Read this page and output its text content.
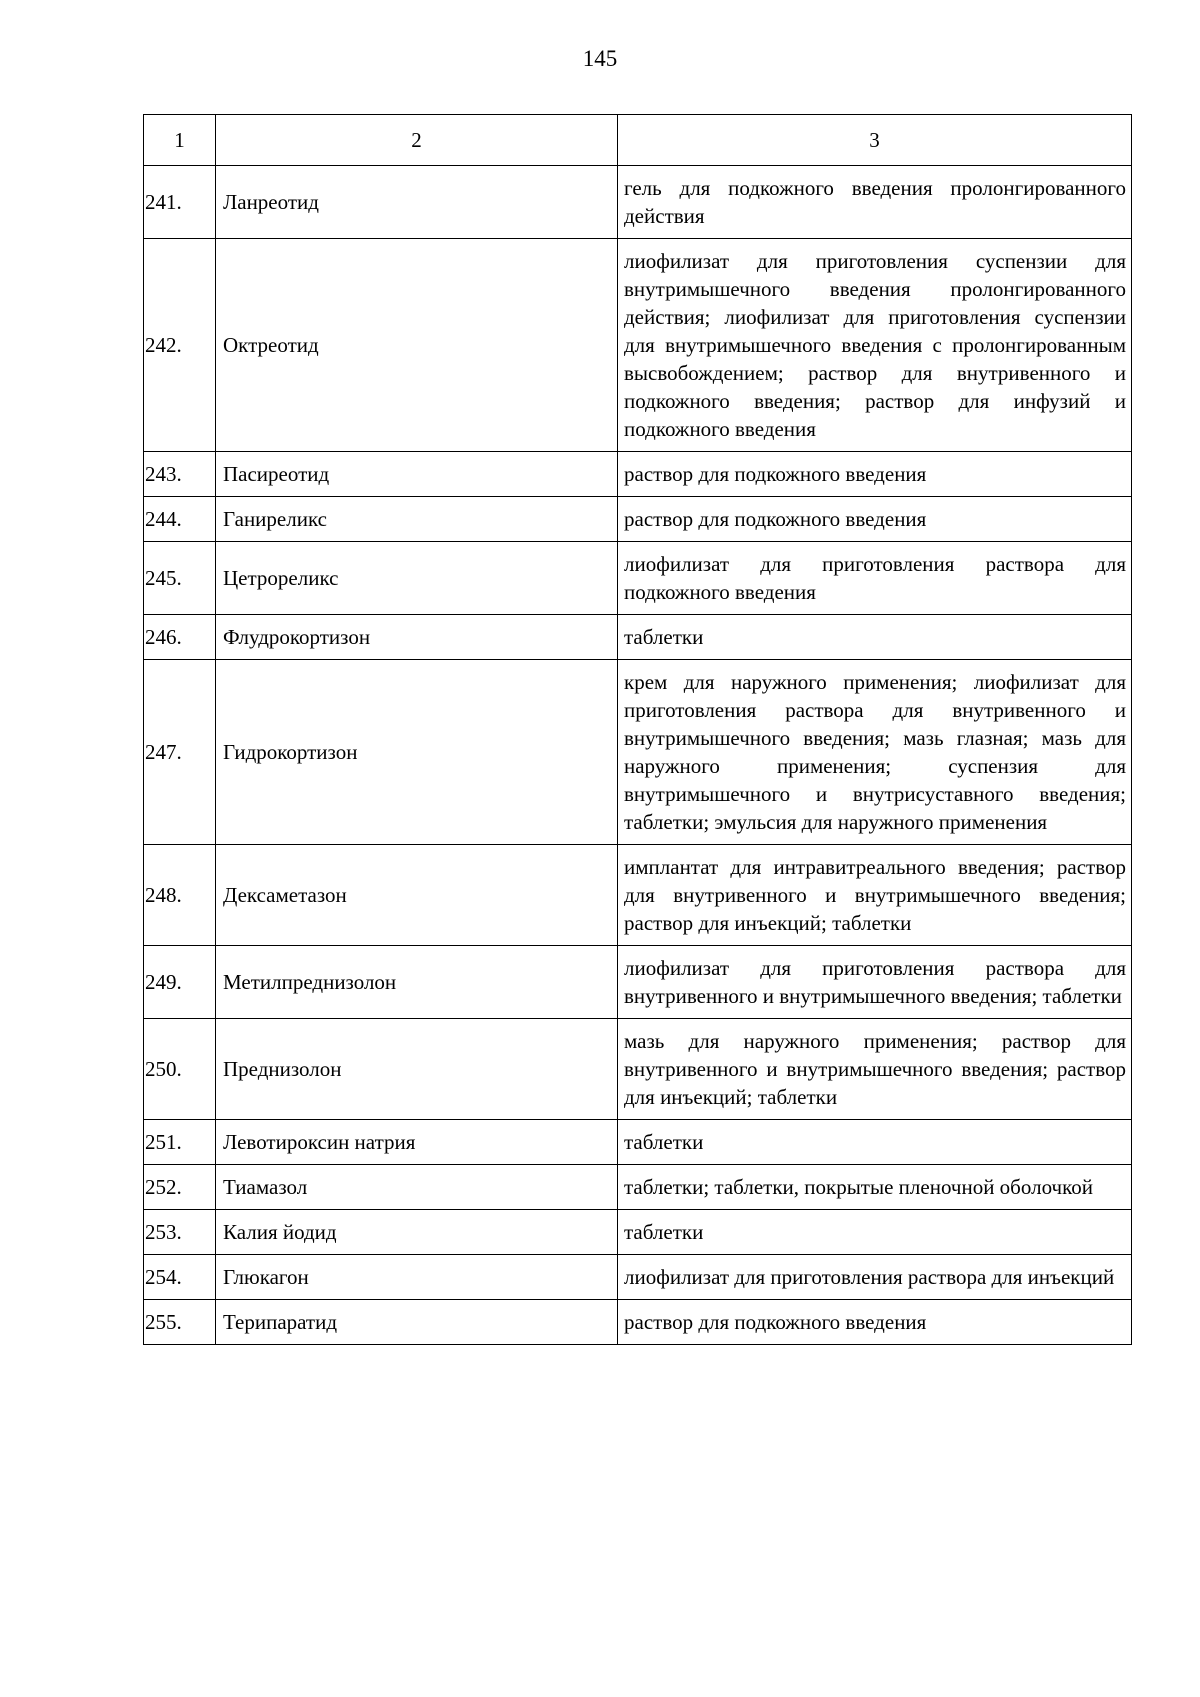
145
1	2	3
241.	Ланреотид	гель для подкожного введения пролонгированного действия
242.	Октреотид	лиофилизат для приготовления суспензии для внутримышечного введения пролонгированного действия; лиофилизат для приготовления суспензии для внутримышечного введения с пролонгированным высвобождением; раствор для внутривенного и подкожного введения; раствор для инфузий и подкожного введения
243.	Пасиреотид	раствор для подкожного введения
244.	Ганиреликс	раствор для подкожного введения
245.	Цетрореликс	лиофилизат для приготовления раствора для подкожного введения
246.	Флудрокортизон	таблетки
247.	Гидрокортизон	крем для наружного применения; лиофилизат для приготовления раствора для внутривенного и внутримышечного введения; мазь глазная; мазь для наружного применения; суспензия для внутримышечного и внутрисуставного введения; таблетки; эмульсия для наружного применения
248.	Дексаметазон	имплантат для интравитреального введения; раствор для внутривенного и внутримышечного введения; раствор для инъекций; таблетки
249.	Метилпреднизолон	лиофилизат для приготовления раствора для внутривенного и внутримышечного введения; таблетки
250.	Преднизолон	мазь для наружного применения; раствор для внутривенного и внутримышечного введения; раствор для инъекций; таблетки
251.	Левотироксин натрия	таблетки
252.	Тиамазол	таблетки; таблетки, покрытые пленочной оболочкой
253.	Калия йодид	таблетки
254.	Глюкагон	лиофилизат для приготовления раствора для инъекций
255.	Терипаратид	раствор для подкожного введения
